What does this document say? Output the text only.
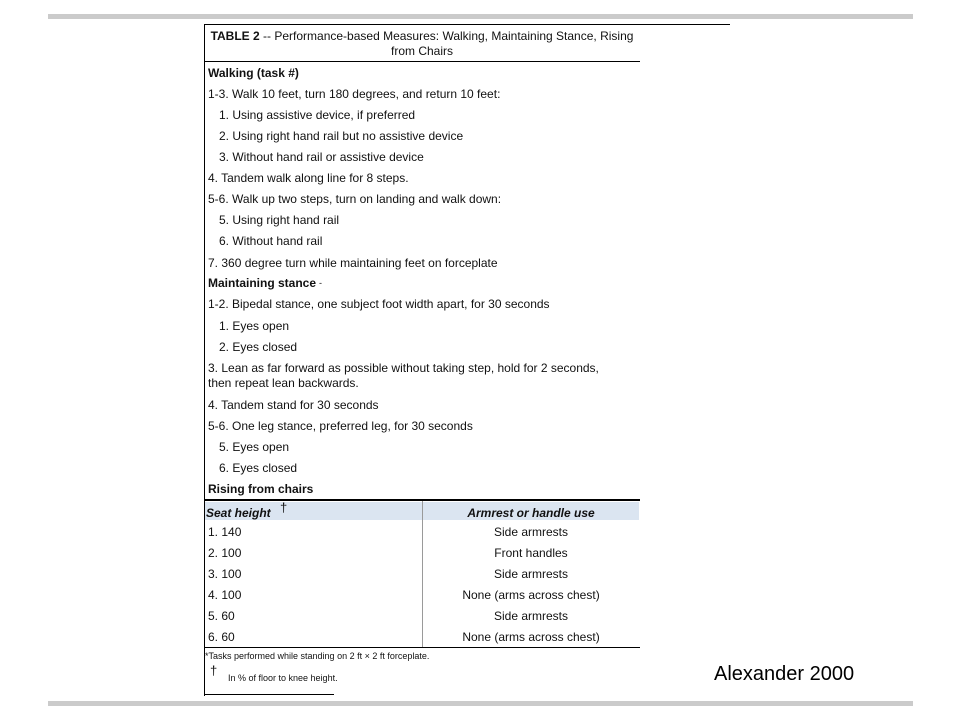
TABLE 2 -- Performance-based Measures: Walking, Maintaining Stance, Rising
from Chairs
Walking (task #)
1-3. Walk 10 feet, turn 180 degrees, and return 10 feet:
1. Using assistive device, if preferred
2. Using right hand rail but no assistive device
3. Without hand rail or assistive device
4. Tandem walk along line for 8 steps.
5-6. Walk up two steps, turn on landing and walk down:
5. Using right hand rail
6. Without hand rail
7. 360 degree turn while maintaining feet on forceplate
Maintaining stance -
1-2. Bipedal stance, one subject foot width apart, for 30 seconds
1. Eyes open
2. Eyes closed
3. Lean as far forward as possible without taking step, hold for 2 seconds, then repeat lean backwards.
4. Tandem stand for 30 seconds
5-6. One leg stance, preferred leg, for 30 seconds
5. Eyes open
6. Eyes closed
Rising from chairs
Seat height †	Armrest or handle use
1. 140	Side armrests
2. 100	Front handles
3. 100	Side armrests
4. 100	None (arms across chest)
5. 60	Side armrests
6. 60	None (arms across chest)
*Tasks performed while standing on 2 ft × 2 ft forceplate.
† In % of floor to knee height.	Alexander 2000
